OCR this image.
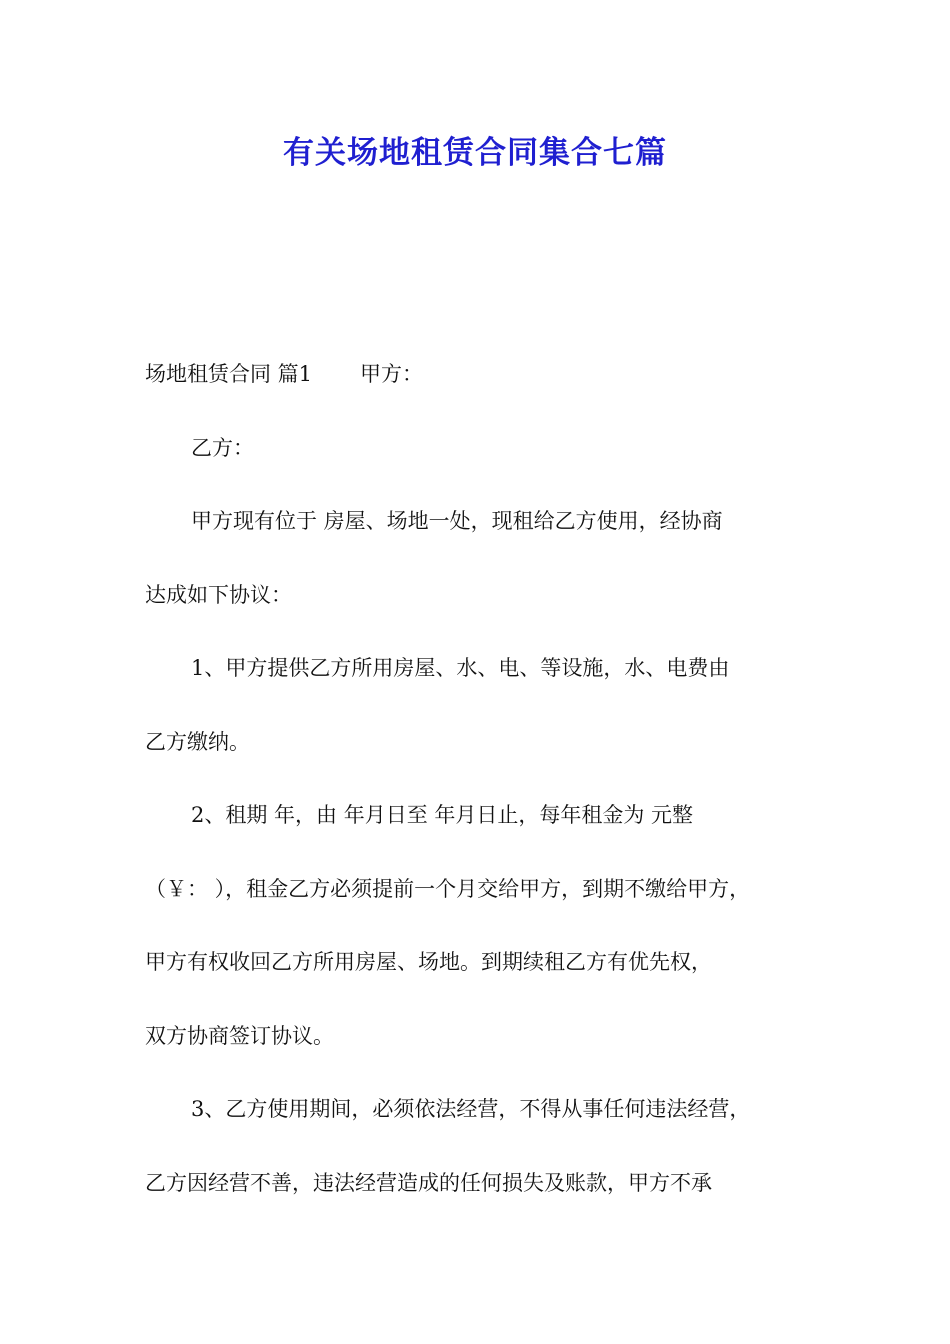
有关场地租赁合同集合七篇
场地租赁合同 篇1 甲方：
乙方：
甲方现有位于 房屋、场地一处，现租给乙方使用，经协商
达成如下协议：
1、甲方提供乙方所用房屋、水、电、等设施，水、电费由
乙方缴纳。
2、租期 年，由 年月日至 年月日止，每年租金为 元整
（￥： ），租金乙方必须提前一个月交给甲方，到期不缴给甲方，
甲方有权收回乙方所用房屋、场地。到期续租乙方有优先权，
双方协商签订协议。
3、乙方使用期间，必须依法经营，不得从事任何违法经营，
乙方因经营不善，违法经营造成的任何损失及账款，甲方不承
